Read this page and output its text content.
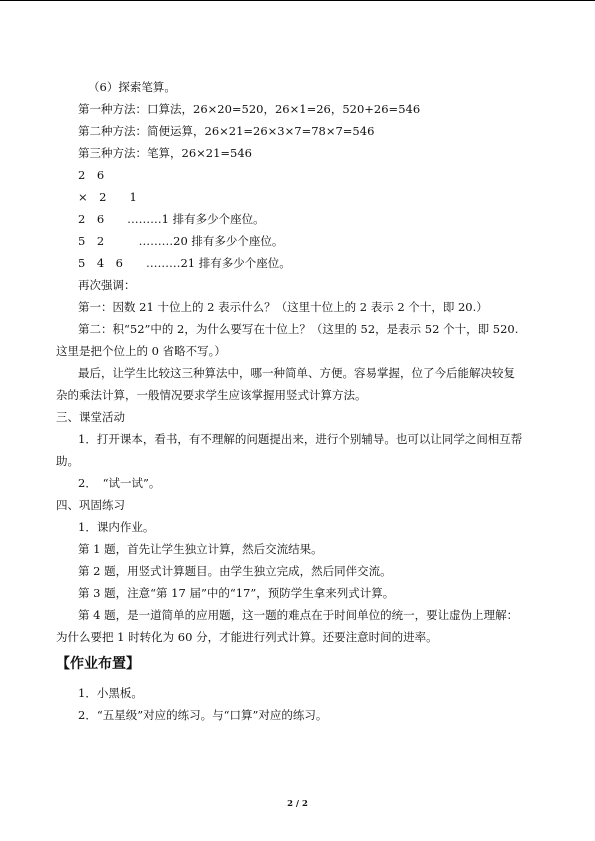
（6）探索笔算。
第一种方法：口算法，26×20=520，26×1=26，520+26=546
第二种方法：简便运算，26×21=26×3×7=78×7=546
第三种方法：笔算，26×21=546
2　6
×　2　　1
2　6　　………1 排有多少个座位。
5　2　　　………20 排有多少个座位。
5　4　6　　………21 排有多少个座位。
再次强调：
第一：因数 21 十位上的 2 表示什么？（这里十位上的 2 表示 2 个十，即 20.）
第二：积“52”中的 2，为什么要写在十位上？（这里的 52，是表示 52 个十，即 520.
这里是把个位上的 0 省略不写。）
最后，让学生比较这三种算法中，哪一种简单、方便。容易掌握，位了今后能解决较复
杂的乘法计算，一般情况要求学生应该掌握用竖式计算方法。
三、课堂活动
1．打开课本，看书，有不理解的问题提出来，进行个别辅导。也可以让同学之间相互帮
助。
2．　“试一试”。
四、巩固练习
1．课内作业。
第 1 题，首先让学生独立计算，然后交流结果。
第 2 题，用竖式计算题目。由学生独立完成，然后同伴交流。
第 3 题，注意“第 17 届”中的“17”，预防学生拿来列式计算。
第 4 题，是一道简单的应用题，这一题的难点在于时间单位的统一，要让虚伪上理解：
为什么要把 1 时转化为 60 分，才能进行列式计算。还要注意时间的进率。
【作业布置】
1．小黑板。
2．“五星级”对应的练习。与“口算”对应的练习。
2 / 2
